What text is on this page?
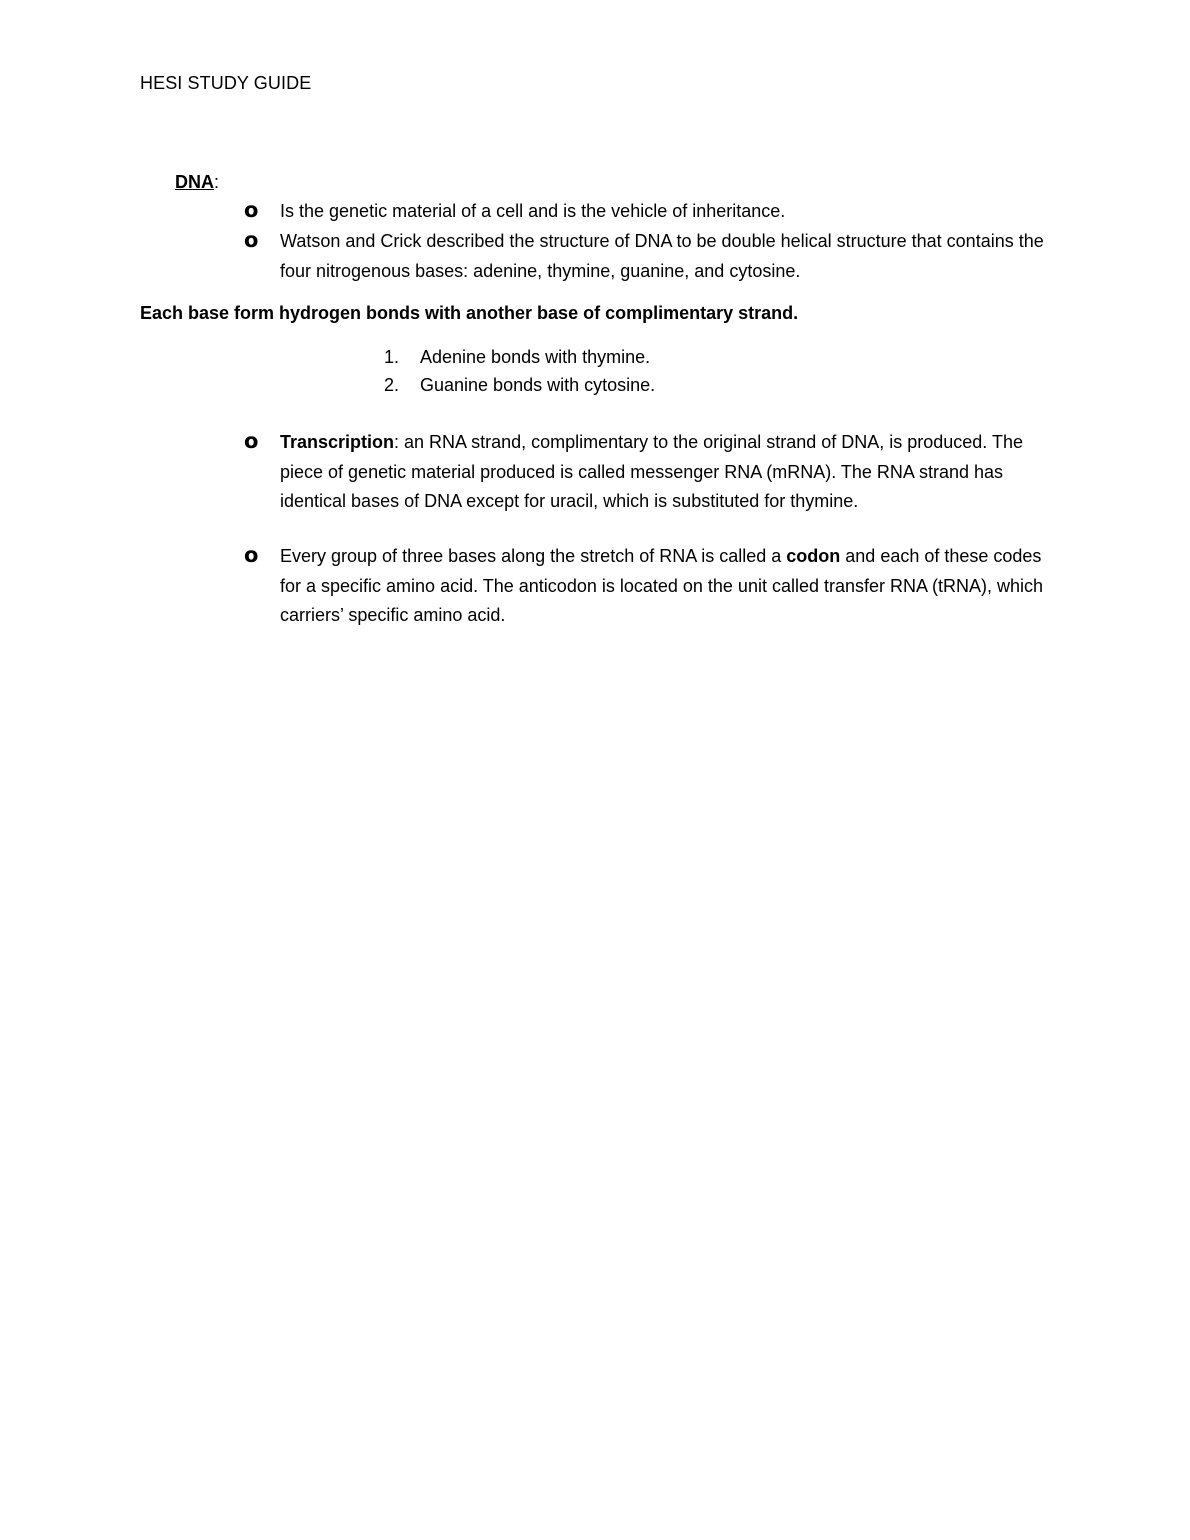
HESI STUDY GUIDE
DNA:
o Is the genetic material of a cell and is the vehicle of inheritance.
o Watson and Crick described the structure of DNA to be double helical structure that contains the four nitrogenous bases: adenine, thymine, guanine, and cytosine.
Each base form hydrogen bonds with another base of complimentary strand.
1. Adenine bonds with thymine.
2. Guanine bonds with cytosine.
o Transcription: an RNA strand, complimentary to the original strand of DNA, is produced. The piece of genetic material produced is called messenger RNA (mRNA). The RNA strand has identical bases of DNA except for uracil, which is substituted for thymine.
o Every group of three bases along the stretch of RNA is called a codon and each of these codes for a specific amino acid. The anticodon is located on the unit called transfer RNA (tRNA), which carriers’ specific amino acid.
